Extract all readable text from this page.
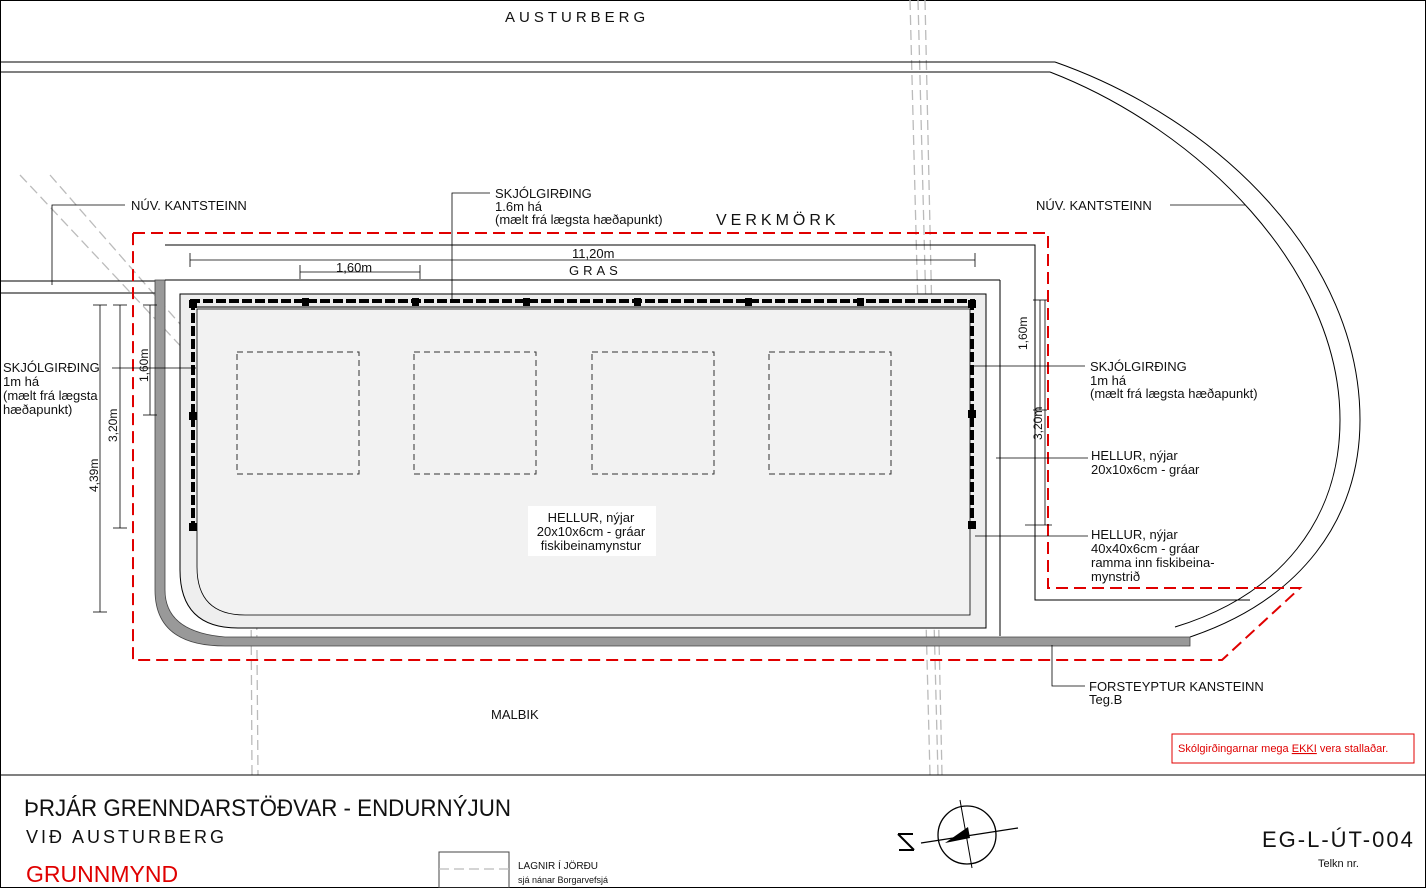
AUSTURBERG
VERKMÖRK
GRAS
11,20m
1,60m
1,60m
3,20m
4,39m
1,60m
3,20m
NÚV. KANTSTEINN	NÚV. KANTSTEINN
SKJÓLGIRÐING
1.6m há
(mælt frá lægsta hæðapunkt)
SKJÓLGIRÐING
1m há
(mælt frá lægsta
hæðapunkt)
SKJÓLGIRÐING
1m há
(mælt frá lægsta hæðapunkt)
HELLUR, nýjar
20x10x6cm - gráar
fiskibeinamynstur
HELLUR, nýjar
20x10x6cm - gráar
HELLUR, nýjar
40x40x6cm - gráar
ramma inn fiskibeina-
mynstrið
FORSTEYPTUR KANSTEINN
Teg.B
MALBIK
Skólgirðingarnar mega EKKI vera stallaðar.
ÞRJÁR GRENNDARSTÖÐVAR - ENDURNÝJUN
VIÐ AUSTURBERG
GRUNNMYND	LAGNIR Í JÖRÐU
sjá nánar Borgarvefsjá
EG-L-ÚT-004
Telkn nr.
